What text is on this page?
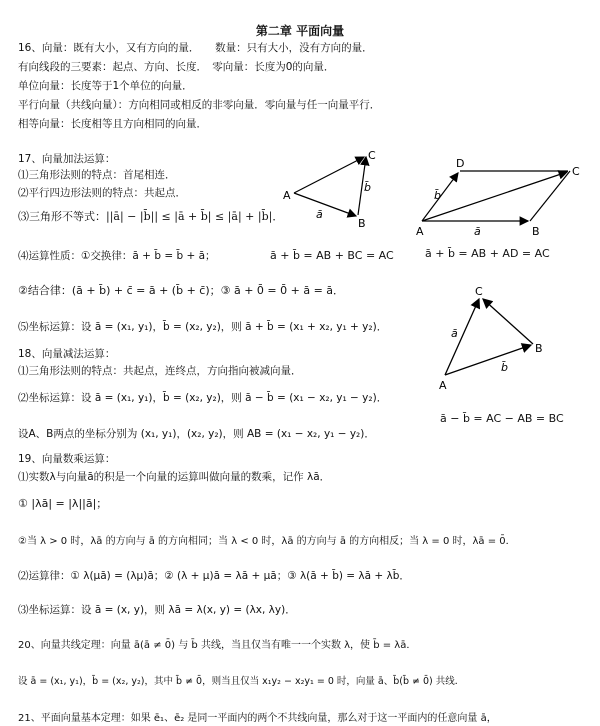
第二章 平面向量
16、向量：既有大小，又有方向的量．　　数量：只有大小，没有方向的量．
有向线段的三要素：起点、方向、长度．　零向量：长度为0的向量．
单位向量：长度等于1个单位的向量．
平行向量（共线向量）：方向相同或相反的非零向量．零向量与任一向量平行．
相等向量：长度相等且方向相同的向量．
17、向量加法运算：
⑴三角形法则的特点：首尾相连．
⑵平行四边形法则的特点：共起点．
⑶三角形不等式：||ā| − |b̄|| ≤ |ā + b̄| ≤ |ā| + |b̄|．
⑷运算性质：①交换律：ā + b̄ = b̄ + ā；
②结合律：(ā + b̄) + c̄ = ā + (b̄ + c̄)；③ ā + 0̄ = 0̄ + ā = ā．
⑸坐标运算：设 ā = (x₁, y₁)，b̄ = (x₂, y₂)，则 ā + b̄ = (x₁ + x₂, y₁ + y₂)．
18、向量减法运算：
⑴三角形法则的特点：共起点，连终点，方向指向被减向量．
⑵坐标运算：设 ā = (x₁, y₁)，b̄ = (x₂, y₂)，则 ā − b̄ = (x₁ − x₂, y₁ − y₂)．
设A、B两点的坐标分别为 (x₁, y₁)，(x₂, y₂)，则 AB = (x₁ − x₂, y₁ − y₂)．
19、向量数乘运算：
⑴实数λ与向量ā的积是一个向量的运算叫做向量的数乘，记作 λā．
① |λā| = |λ||ā|；
②当 λ > 0 时，λā 的方向与 ā 的方向相同；当 λ < 0 时，λā 的方向与 ā 的方向相反；当 λ = 0 时，λā = 0̄．
⑵运算律：① λ(μā) = (λμ)ā；② (λ + μ)ā = λā + μā；③ λ(ā + b̄) = λā + λb̄．
⑶坐标运算：设 ā = (x, y)，则 λā = λ(x, y) = (λx, λy)．
20、向量共线定理：向量 ā(ā ≠ 0̄) 与 b̄ 共线，当且仅当有唯一一个实数 λ，使 b̄ = λā．
设 ā = (x₁, y₁)，b̄ = (x₂, y₂)，其中 b̄ ≠ 0̄，则当且仅当 x₁y₂ − x₂y₁ = 0 时，向量 ā、b̄(b̄ ≠ 0̄) 共线．
21、平面向量基本定理：如果 ē₁、ē₂ 是同一平面内的两个不共线向量，那么对于这一平面内的任意向量 ā，
ā + b̄ = AB + BC = AC	ā + b̄ = AB + AD = AC
ā − b̄ = AC − AB = BC
A
B
C
ā
b̄
A	B
C
D
ā
b̄
A
B
C
ā
b̄
